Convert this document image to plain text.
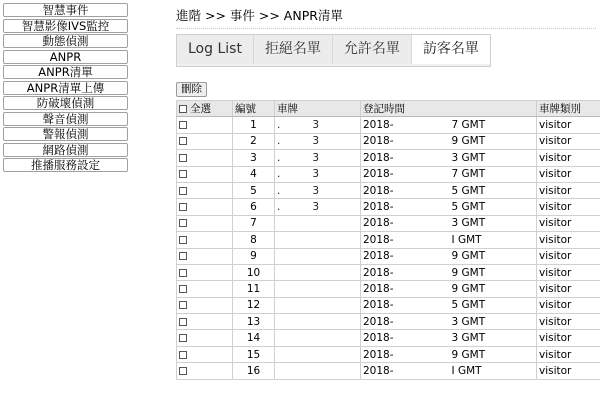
智慧事件
智慧影像IVS監控
動態偵測
ANPR
ANPR清單
ANPR清單上傳
防破壞偵測
聲音偵測
警報偵測
網路偵測
推播服務設定
進階 >> 事件 >> ANPR清單
Log List	拒絕名單	允許名單	訪客名單
刪除
全選	編號	車牌	登記時間	車牌類別
	1	. 3	2018- 7 GMT	visitor
	2	. 3	2018- 9 GMT	visitor
	3	. 3	2018- 3 GMT	visitor
	4	. 3	2018- 7 GMT	visitor
	5	. 3	2018- 5 GMT	visitor
	6	. 3	2018- 5 GMT	visitor
	7		2018- 3 GMT	visitor
	8		2018- I GMT	visitor
	9		2018- 9 GMT	visitor
	10		2018- 9 GMT	visitor
	11		2018- 9 GMT	visitor
	12		2018- 5 GMT	visitor
	13		2018- 3 GMT	visitor
	14		2018- 3 GMT	visitor
	15		2018- 9 GMT	visitor
	16		2018- I GMT	visitor
